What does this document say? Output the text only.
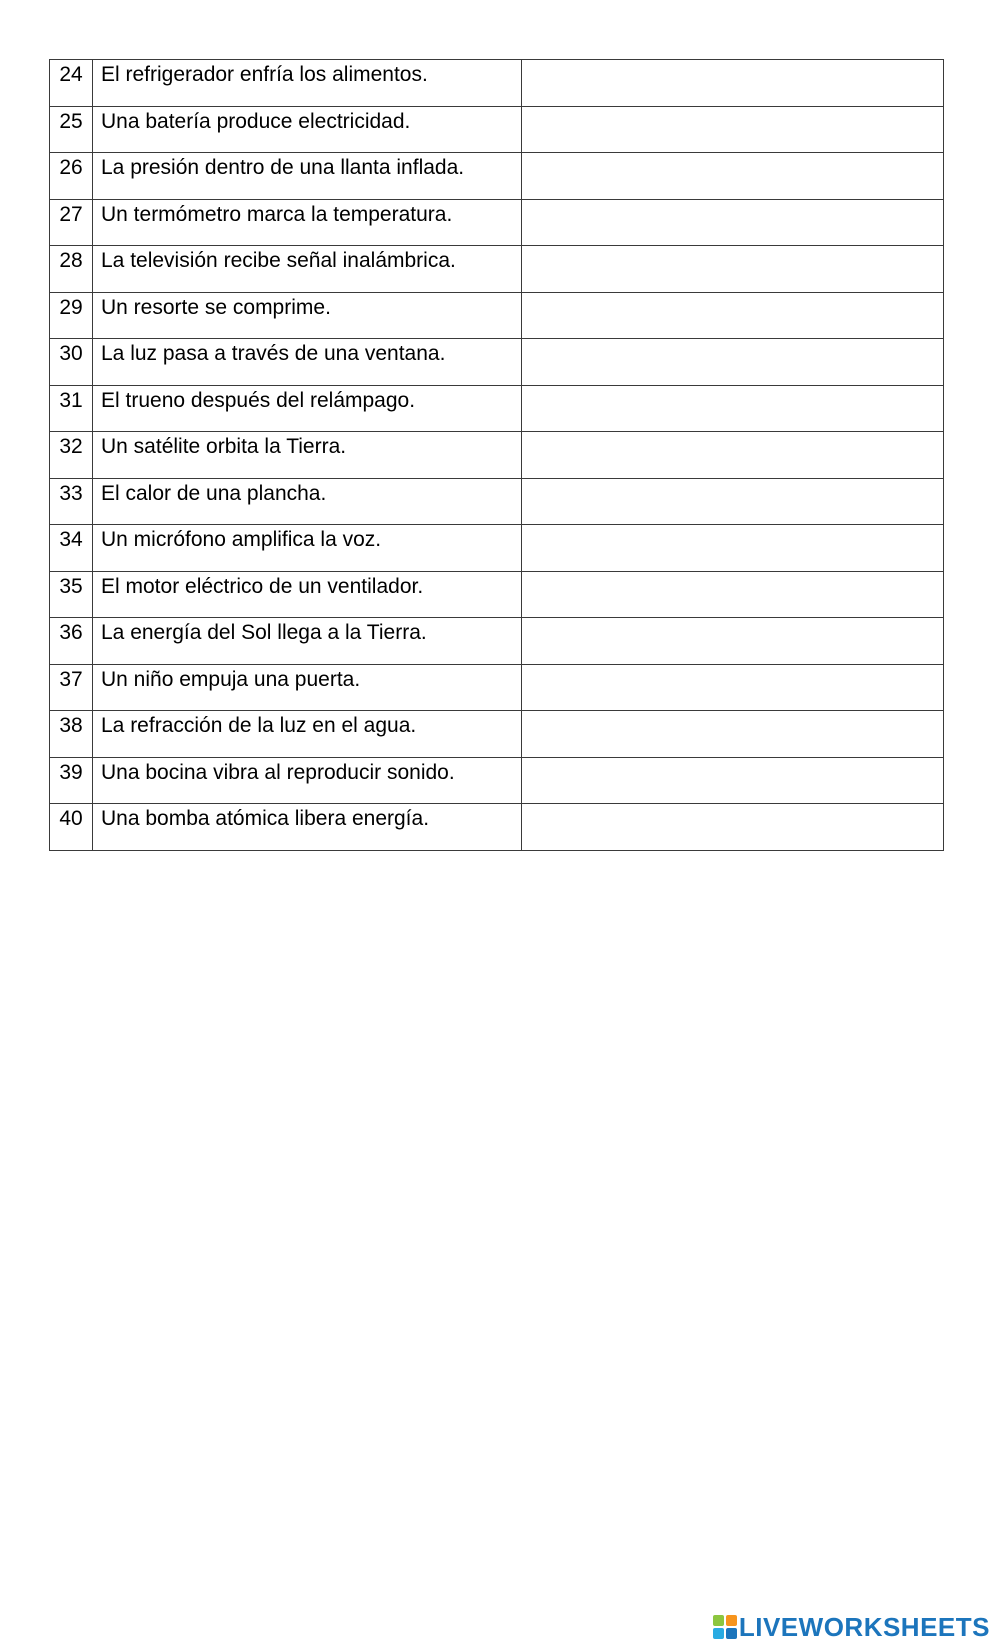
24	El refrigerador enfría los alimentos.

25	Una batería produce electricidad.

26	La presión dentro de una llanta inflada.

27	Un termómetro marca la temperatura.

28	La televisión recibe señal inalámbrica.

29	Un resorte se comprime.

30	La luz pasa a través de una ventana.

31	El trueno después del relámpago.

32	Un satélite orbita la Tierra.

33	El calor de una plancha.

34	Un micrófono amplifica la voz.

35	El motor eléctrico de un ventilador.

36	La energía del Sol llega a la Tierra.

37	Un niño empuja una puerta.

38	La refracción de la luz en el agua.

39	Una bocina vibra al reproducir sonido.

40	Una bomba atómica libera energía.

LIVEWORKSHEETS
